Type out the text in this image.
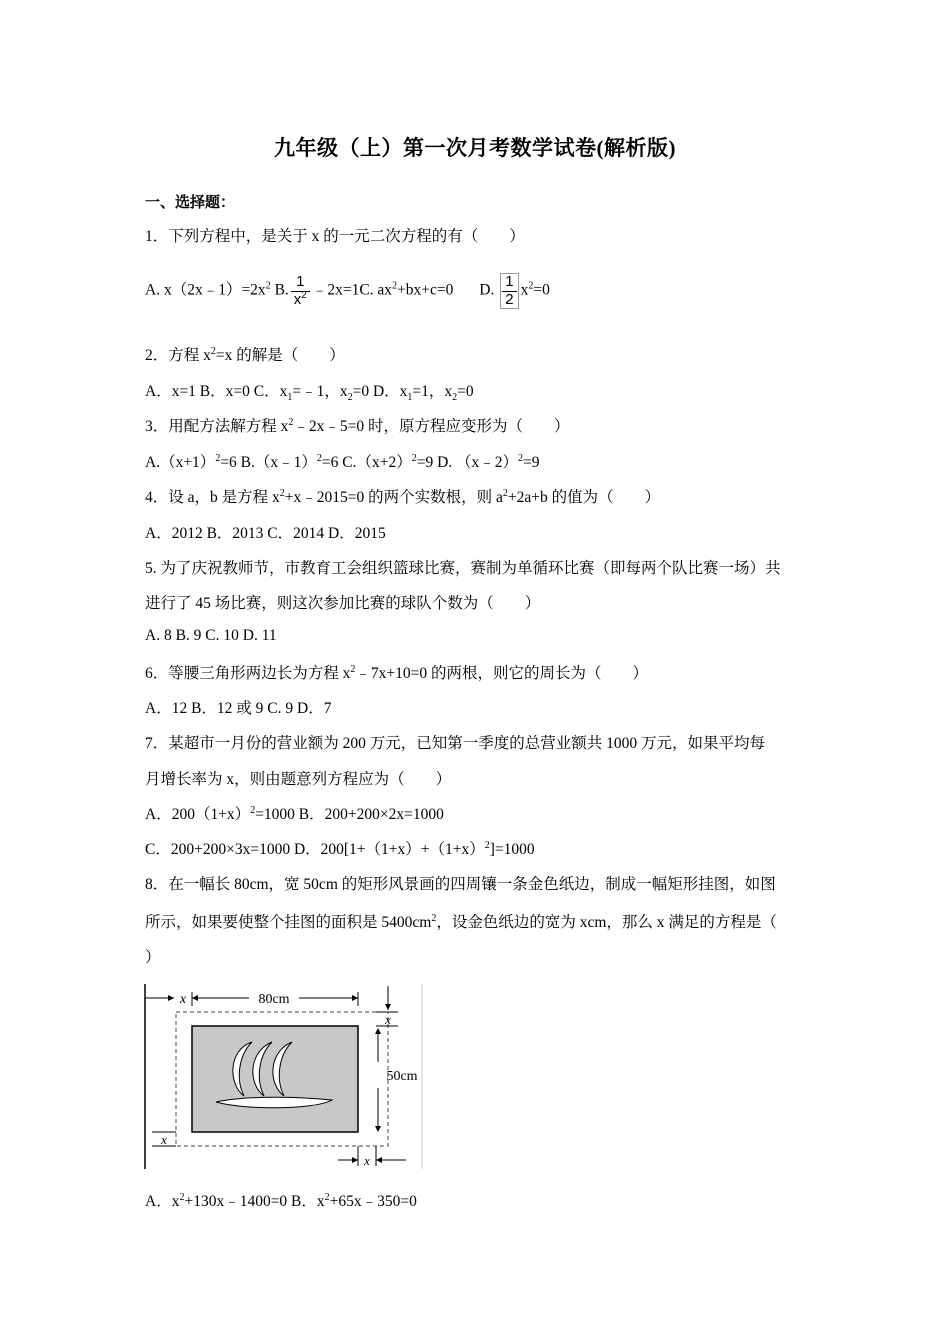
九年级（上）第一次月考数学试卷(解析版)
一、选择题：
1．下列方程中，是关于 x 的一元二次方程的有（　　）
A. $x(2x﹣1)=2x^2$ B. $\frac{1}{x^2}$ ﹣2x=1C. $ax^2+bx+c=0$ D. $\frac{1}{2} x^2=0$
2．方程 $x^2=x$ 的解是（　　）
A．x=1 B．x=0 C．$x_1=﹣1$，$x_2=0$ D．$x_1=1$，$x_2=0$
3．用配方法解方程 $x^2﹣2x﹣5=0$ 时，原方程应变形为（　　）
$A.(x+1)^2=6$ B.（x﹣1）$^2$=6 $C.(x+2)^2=9$ D. （x﹣2）$^2$=9
4．设 a，b 是方程 $x^2+x﹣2015=0$ 的两个实数根，则 $a^2+2a+b$ 的值为（　　）
A．2012 B．2013 C．2014 D．2015
5. 为了庆祝教师节，市教育工会组织篮球比赛，赛制为单循环比赛（即每两个队比赛一场）共
进行了 45 场比赛，则这次参加比赛的球队个数为（　　）
A. 8 B. 9 C. 10 D. 11
6．等腰三角形两边长为方程 $x^2﹣7x+10=0$ 的两根，则它的周长为（　　）
A．12 B．12 或 9 C. 9 D．7
7．某超市一月份的营业额为 200 万元，已知第一季度的总营业额共 1000 万元，如果平均每
月增长率为 x，则由题意列方程应为（　　）
A．$200(1+x)^2=1000$ B．200+200×2x=1000
C．200+200×3x=1000 D．$200[1+(1+x)+(1+x)^2]=1000$
8．在一幅长 80cm，宽 50cm 的矩形风景画的四周镶一条金色纸边，制成一幅矩形挂图，如图
所示，如果要使整个挂图的面积是 $5400cm^2$，设金色纸边的宽为 xcm，那么 x 满足的方程是（
）
80cm
x
x
50cm
x
x
A．$x^2+130x﹣1400=0$ B．$x^2+65x﹣350=0$
